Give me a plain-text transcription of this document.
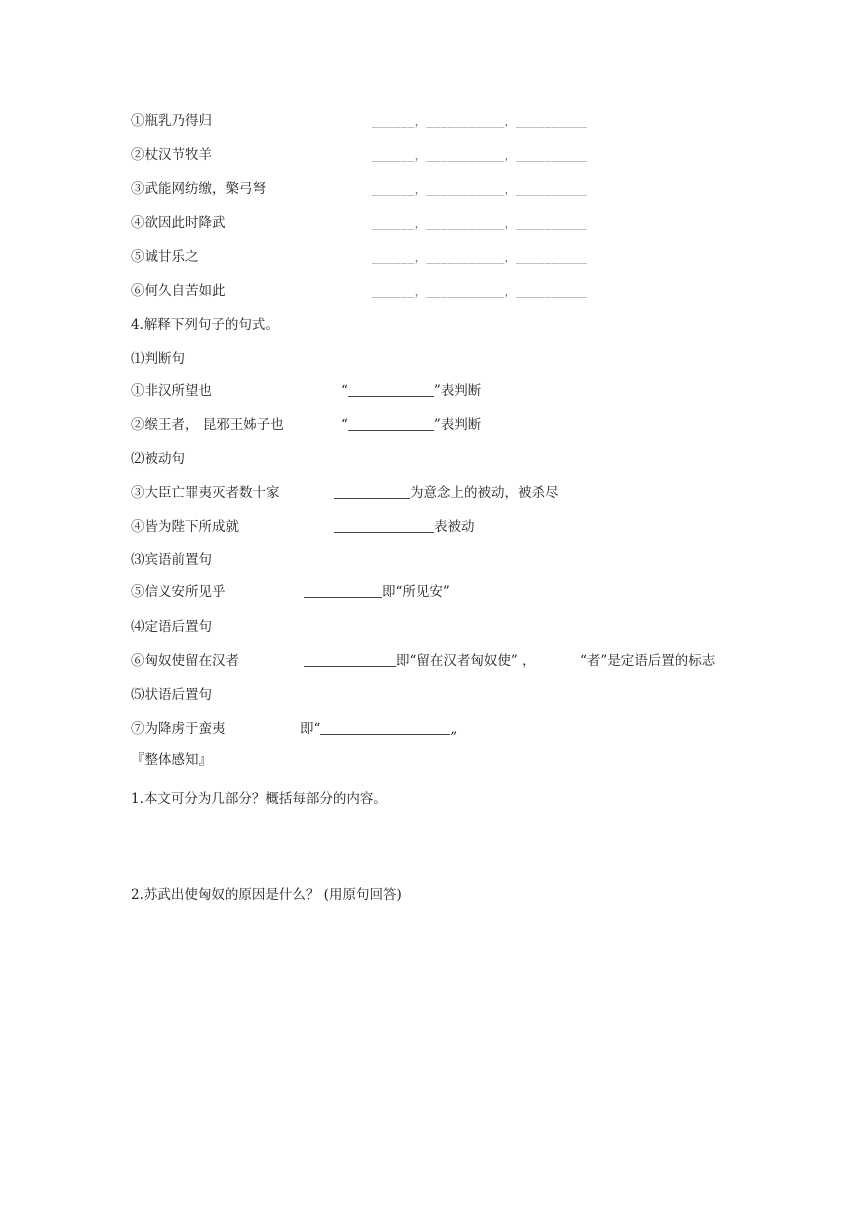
①瓶乳乃得归	______，___________，__________
②杖汉节牧羊	______，___________，__________
③武能网纺缴，檠弓弩	______，___________，__________
④欲因此时降武	______，___________，__________
⑤诚甘乐之	______，___________，__________
⑥何久自苦如此	______，___________，__________
4.解释下列句子的句式。
⑴判断句
①非汉所望也	“	”表判断
②缑王者， 昆邪王姊子也	“	”表判断
⑵被动句
③大臣亡罪夷灭者数十家	为意念上的被动，被杀尽
④皆为陛下所成就	表被动
⑶宾语前置句
⑤信义安所见乎	即“所见安”
⑷定语后置句
⑥匈奴使留在汉者	即“留在汉者匈奴使” ，	“者”是定语后置的标志
⑸状语后置句
⑦为降虏于蛮夷	即“	„
『整体感知』
1.本文可分为几部分？概括每部分的内容。
2.苏武出使匈奴的原因是什么？ (用原句回答)
